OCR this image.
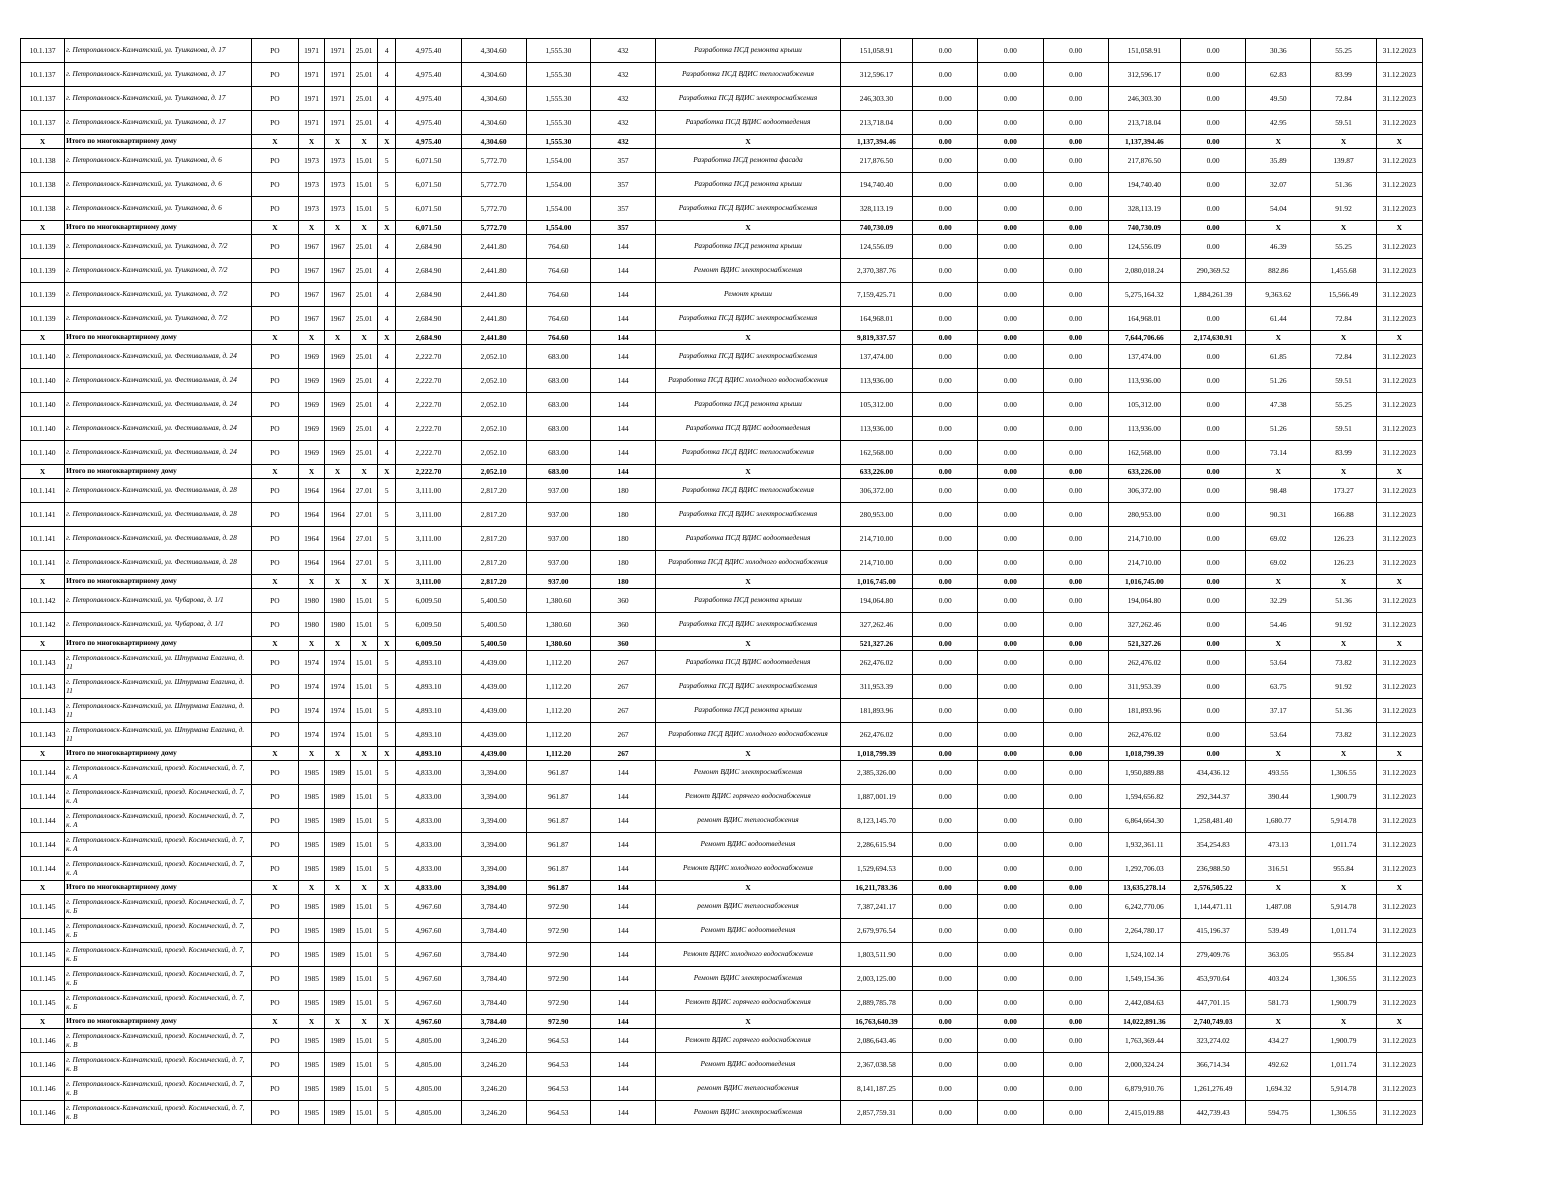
10.1.137	г. Петропавловск-Камчатский, ул. Тушканова, д. 17	РО	1971	1971	25.01	4	4,975.40	4,304.60	1,555.30	432	Разработка ПСД ремонта крыши	151,058.91	0.00	0.00	0.00	151,058.91	0.00	30.36	55.25	31.12.2023
10.1.137	г. Петропавловск-Камчатский, ул. Тушканова, д. 17	РО	1971	1971	25.01	4	4,975.40	4,304.60	1,555.30	432	Разработка ПСД ВДИС теплоснабжения	312,596.17	0.00	0.00	0.00	312,596.17	0.00	62.83	83.99	31.12.2023
10.1.137	г. Петропавловск-Камчатский, ул. Тушканова, д. 17	РО	1971	1971	25.01	4	4,975.40	4,304.60	1,555.30	432	Разработка ПСД ВДИС электроснабжения	246,303.30	0.00	0.00	0.00	246,303.30	0.00	49.50	72.84	31.12.2023
10.1.137	г. Петропавловск-Камчатский, ул. Тушканова, д. 17	РО	1971	1971	25.01	4	4,975.40	4,304.60	1,555.30	432	Разработка ПСД ВДИС водоотведения	213,718.04	0.00	0.00	0.00	213,718.04	0.00	42.95	59.51	31.12.2023
Х	Итого по многоквартирному дому	Х	Х	Х	Х	Х	4,975.40	4,304.60	1,555.30	432	Х	1,137,394.46	0.00	0.00	0.00	1,137,394.46	0.00	Х	Х	Х
10.1.138	г. Петропавловск-Камчатский, ул. Тушканова, д. 6	РО	1973	1973	15.01	5	6,071.50	5,772.70	1,554.00	357	Разработка ПСД ремонта фасада	217,876.50	0.00	0.00	0.00	217,876.50	0.00	35.89	139.87	31.12.2023
10.1.138	г. Петропавловск-Камчатский, ул. Тушканова, д. 6	РО	1973	1973	15.01	5	6,071.50	5,772.70	1,554.00	357	Разработка ПСД ремонта крыши	194,740.40	0.00	0.00	0.00	194,740.40	0.00	32.07	51.36	31.12.2023
10.1.138	г. Петропавловск-Камчатский, ул. Тушканова, д. 6	РО	1973	1973	15.01	5	6,071.50	5,772.70	1,554.00	357	Разработка ПСД ВДИС электроснабжения	328,113.19	0.00	0.00	0.00	328,113.19	0.00	54.04	91.92	31.12.2023
Х	Итого по многоквартирному дому	Х	Х	Х	Х	Х	6,071.50	5,772.70	1,554.00	357	Х	740,730.09	0.00	0.00	0.00	740,730.09	0.00	Х	Х	Х
10.1.139	г. Петропавловск-Камчатский, ул. Тушканова, д. 7/2	РО	1967	1967	25.01	4	2,684.90	2,441.80	764.60	144	Разработка ПСД ремонта крыши	124,556.09	0.00	0.00	0.00	124,556.09	0.00	46.39	55.25	31.12.2023
10.1.139	г. Петропавловск-Камчатский, ул. Тушканова, д. 7/2	РО	1967	1967	25.01	4	2,684.90	2,441.80	764.60	144	Ремонт ВДИС электроснабжения	2,370,387.76	0.00	0.00	0.00	2,080,018.24	290,369.52	882.86	1,455.68	31.12.2023
10.1.139	г. Петропавловск-Камчатский, ул. Тушканова, д. 7/2	РО	1967	1967	25.01	4	2,684.90	2,441.80	764.60	144	Ремонт крыши	7,159,425.71	0.00	0.00	0.00	5,275,164.32	1,884,261.39	9,363.62	15,566.49	31.12.2023
10.1.139	г. Петропавловск-Камчатский, ул. Тушканова, д. 7/2	РО	1967	1967	25.01	4	2,684.90	2,441.80	764.60	144	Разработка ПСД ВДИС электроснабжения	164,968.01	0.00	0.00	0.00	164,968.01	0.00	61.44	72.84	31.12.2023
Х	Итого по многоквартирному дому	Х	Х	Х	Х	Х	2,684.90	2,441.80	764.60	144	Х	9,819,337.57	0.00	0.00	0.00	7,644,706.66	2,174,630.91	Х	Х	Х
10.1.140	г. Петропавловск-Камчатский, ул. Фестивальная, д. 24	РО	1969	1969	25.01	4	2,222.70	2,052.10	683.00	144	Разработка ПСД ВДИС электроснабжения	137,474.00	0.00	0.00	0.00	137,474.00	0.00	61.85	72.84	31.12.2023
10.1.140	г. Петропавловск-Камчатский, ул. Фестивальная, д. 24	РО	1969	1969	25.01	4	2,222.70	2,052.10	683.00	144	Разработка ПСД ВДИС холодного водоснабжения	113,936.00	0.00	0.00	0.00	113,936.00	0.00	51.26	59.51	31.12.2023
10.1.140	г. Петропавловск-Камчатский, ул. Фестивальная, д. 24	РО	1969	1969	25.01	4	2,222.70	2,052.10	683.00	144	Разработка ПСД ремонта крыши	105,312.00	0.00	0.00	0.00	105,312.00	0.00	47.38	55.25	31.12.2023
10.1.140	г. Петропавловск-Камчатский, ул. Фестивальная, д. 24	РО	1969	1969	25.01	4	2,222.70	2,052.10	683.00	144	Разработка ПСД ВДИС водоотведения	113,936.00	0.00	0.00	0.00	113,936.00	0.00	51.26	59.51	31.12.2023
10.1.140	г. Петропавловск-Камчатский, ул. Фестивальная, д. 24	РО	1969	1969	25.01	4	2,222.70	2,052.10	683.00	144	Разработка ПСД ВДИС теплоснабжения	162,568.00	0.00	0.00	0.00	162,568.00	0.00	73.14	83.99	31.12.2023
Х	Итого по многоквартирному дому	Х	Х	Х	Х	Х	2,222.70	2,052.10	683.00	144	Х	633,226.00	0.00	0.00	0.00	633,226.00	0.00	Х	Х	Х
10.1.141	г. Петропавловск-Камчатский, ул. Фестивальная, д. 28	РО	1964	1964	27.01	5	3,111.00	2,817.20	937.00	180	Разработка ПСД ВДИС теплоснабжения	306,372.00	0.00	0.00	0.00	306,372.00	0.00	98.48	173.27	31.12.2023
10.1.141	г. Петропавловск-Камчатский, ул. Фестивальная, д. 28	РО	1964	1964	27.01	5	3,111.00	2,817.20	937.00	180	Разработка ПСД ВДИС электроснабжения	280,953.00	0.00	0.00	0.00	280,953.00	0.00	90.31	166.88	31.12.2023
10.1.141	г. Петропавловск-Камчатский, ул. Фестивальная, д. 28	РО	1964	1964	27.01	5	3,111.00	2,817.20	937.00	180	Разработка ПСД ВДИС водоотведения	214,710.00	0.00	0.00	0.00	214,710.00	0.00	69.02	126.23	31.12.2023
10.1.141	г. Петропавловск-Камчатский, ул. Фестивальная, д. 28	РО	1964	1964	27.01	5	3,111.00	2,817.20	937.00	180	Разработка ПСД ВДИС холодного водоснабжения	214,710.00	0.00	0.00	0.00	214,710.00	0.00	69.02	126.23	31.12.2023
Х	Итого по многоквартирному дому	Х	Х	Х	Х	Х	3,111.00	2,817.20	937.00	180	Х	1,016,745.00	0.00	0.00	0.00	1,016,745.00	0.00	Х	Х	Х
10.1.142	г. Петропавловск-Камчатский, ул. Чубарова, д. 1/1	РО	1980	1980	15.01	5	6,009.50	5,400.50	1,380.60	360	Разработка ПСД ремонта крыши	194,064.80	0.00	0.00	0.00	194,064.80	0.00	32.29	51.36	31.12.2023
10.1.142	г. Петропавловск-Камчатский, ул. Чубарова, д. 1/1	РО	1980	1980	15.01	5	6,009.50	5,400.50	1,380.60	360	Разработка ПСД ВДИС электроснабжения	327,262.46	0.00	0.00	0.00	327,262.46	0.00	54.46	91.92	31.12.2023
Х	Итого по многоквартирному дому	Х	Х	Х	Х	Х	6,009.50	5,400.50	1,380.60	360	Х	521,327.26	0.00	0.00	0.00	521,327.26	0.00	Х	Х	Х
10.1.143	г. Петропавловск-Камчатский, ул. Штурмана Елагина, д. 11	РО	1974	1974	15.01	5	4,893.10	4,439.00	1,112.20	267	Разработка ПСД ВДИС водоотведения	262,476.02	0.00	0.00	0.00	262,476.02	0.00	53.64	73.82	31.12.2023
10.1.143	г. Петропавловск-Камчатский, ул. Штурмана Елагина, д. 11	РО	1974	1974	15.01	5	4,893.10	4,439.00	1,112.20	267	Разработка ПСД ВДИС электроснабжения	311,953.39	0.00	0.00	0.00	311,953.39	0.00	63.75	91.92	31.12.2023
10.1.143	г. Петропавловск-Камчатский, ул. Штурмана Елагина, д. 11	РО	1974	1974	15.01	5	4,893.10	4,439.00	1,112.20	267	Разработка ПСД ремонта крыши	181,893.96	0.00	0.00	0.00	181,893.96	0.00	37.17	51.36	31.12.2023
10.1.143	г. Петропавловск-Камчатский, ул. Штурмана Елагина, д. 11	РО	1974	1974	15.01	5	4,893.10	4,439.00	1,112.20	267	Разработка ПСД ВДИС холодного водоснабжения	262,476.02	0.00	0.00	0.00	262,476.02	0.00	53.64	73.82	31.12.2023
Х	Итого по многоквартирному дому	Х	Х	Х	Х	Х	4,893.10	4,439.00	1,112.20	267	Х	1,018,799.39	0.00	0.00	0.00	1,018,799.39	0.00	Х	Х	Х
10.1.144	г. Петропавловск-Камчатский, проезд. Космический, д. 7, к. А	РО	1985	1989	15.01	5	4,833.00	3,394.00	961.87	144	Ремонт ВДИС электроснабжения	2,385,326.00	0.00	0.00	0.00	1,950,889.88	434,436.12	493.55	1,306.55	31.12.2023
10.1.144	г. Петропавловск-Камчатский, проезд. Космический, д. 7, к. А	РО	1985	1989	15.01	5	4,833.00	3,394.00	961.87	144	Ремонт ВДИС горячего водоснабжения	1,887,001.19	0.00	0.00	0.00	1,594,656.82	292,344.37	390.44	1,900.79	31.12.2023
10.1.144	г. Петропавловск-Камчатский, проезд. Космический, д. 7, к. А	РО	1985	1989	15.01	5	4,833.00	3,394.00	961.87	144	ремонт ВДИС теплоснабжения	8,123,145.70	0.00	0.00	0.00	6,864,664.30	1,258,481.40	1,680.77	5,914.78	31.12.2023
10.1.144	г. Петропавловск-Камчатский, проезд. Космический, д. 7, к. А	РО	1985	1989	15.01	5	4,833.00	3,394.00	961.87	144	Ремонт ВДИС водоотведения	2,286,615.94	0.00	0.00	0.00	1,932,361.11	354,254.83	473.13	1,011.74	31.12.2023
10.1.144	г. Петропавловск-Камчатский, проезд. Космический, д. 7, к. А	РО	1985	1989	15.01	5	4,833.00	3,394.00	961.87	144	Ремонт ВДИС холодного водоснабжения	1,529,694.53	0.00	0.00	0.00	1,292,706.03	236,988.50	316.51	955.84	31.12.2023
Х	Итого по многоквартирному дому	Х	Х	Х	Х	Х	4,833.00	3,394.00	961.87	144	Х	16,211,783.36	0.00	0.00	0.00	13,635,278.14	2,576,505.22	Х	Х	Х
10.1.145	г. Петропавловск-Камчатский, проезд. Космический, д. 7, к. Б	РО	1985	1989	15.01	5	4,967.60	3,784.40	972.90	144	ремонт ВДИС теплоснабжения	7,387,241.17	0.00	0.00	0.00	6,242,770.06	1,144,471.11	1,487.08	5,914.78	31.12.2023
10.1.145	г. Петропавловск-Камчатский, проезд. Космический, д. 7, к. Б	РО	1985	1989	15.01	5	4,967.60	3,784.40	972.90	144	Ремонт ВДИС водоотведения	2,679,976.54	0.00	0.00	0.00	2,264,780.17	415,196.37	539.49	1,011.74	31.12.2023
10.1.145	г. Петропавловск-Камчатский, проезд. Космический, д. 7, к. Б	РО	1985	1989	15.01	5	4,967.60	3,784.40	972.90	144	Ремонт ВДИС холодного водоснабжения	1,803,511.90	0.00	0.00	0.00	1,524,102.14	279,409.76	363.05	955.84	31.12.2023
10.1.145	г. Петропавловск-Камчатский, проезд. Космический, д. 7, к. Б	РО	1985	1989	15.01	5	4,967.60	3,784.40	972.90	144	Ремонт ВДИС электроснабжения	2,003,125.00	0.00	0.00	0.00	1,549,154.36	453,970.64	403.24	1,306.55	31.12.2023
10.1.145	г. Петропавловск-Камчатский, проезд. Космический, д. 7, к. Б	РО	1985	1989	15.01	5	4,967.60	3,784.40	972.90	144	Ремонт ВДИС горячего водоснабжения	2,889,785.78	0.00	0.00	0.00	2,442,084.63	447,701.15	581.73	1,900.79	31.12.2023
Х	Итого по многоквартирному дому	Х	Х	Х	Х	Х	4,967.60	3,784.40	972.90	144	Х	16,763,640.39	0.00	0.00	0.00	14,022,891.36	2,740,749.03	Х	Х	Х
10.1.146	г. Петропавловск-Камчатский, проезд. Космический, д. 7, к. В	РО	1985	1989	15.01	5	4,805.00	3,246.20	964.53	144	Ремонт ВДИС горячего водоснабжения	2,086,643.46	0.00	0.00	0.00	1,763,369.44	323,274.02	434.27	1,900.79	31.12.2023
10.1.146	г. Петропавловск-Камчатский, проезд. Космический, д. 7, к. В	РО	1985	1989	15.01	5	4,805.00	3,246.20	964.53	144	Ремонт ВДИС водоотведения	2,367,038.58	0.00	0.00	0.00	2,000,324.24	366,714.34	492.62	1,011.74	31.12.2023
10.1.146	г. Петропавловск-Камчатский, проезд. Космический, д. 7, к. В	РО	1985	1989	15.01	5	4,805.00	3,246.20	964.53	144	ремонт ВДИС теплоснабжения	8,141,187.25	0.00	0.00	0.00	6,879,910.76	1,261,276.49	1,694.32	5,914.78	31.12.2023
10.1.146	г. Петропавловск-Камчатский, проезд. Космический, д. 7, к. В	РО	1985	1989	15.01	5	4,805.00	3,246.20	964.53	144	Ремонт ВДИС электроснабжения	2,857,759.31	0.00	0.00	0.00	2,415,019.88	442,739.43	594.75	1,306.55	31.12.2023
